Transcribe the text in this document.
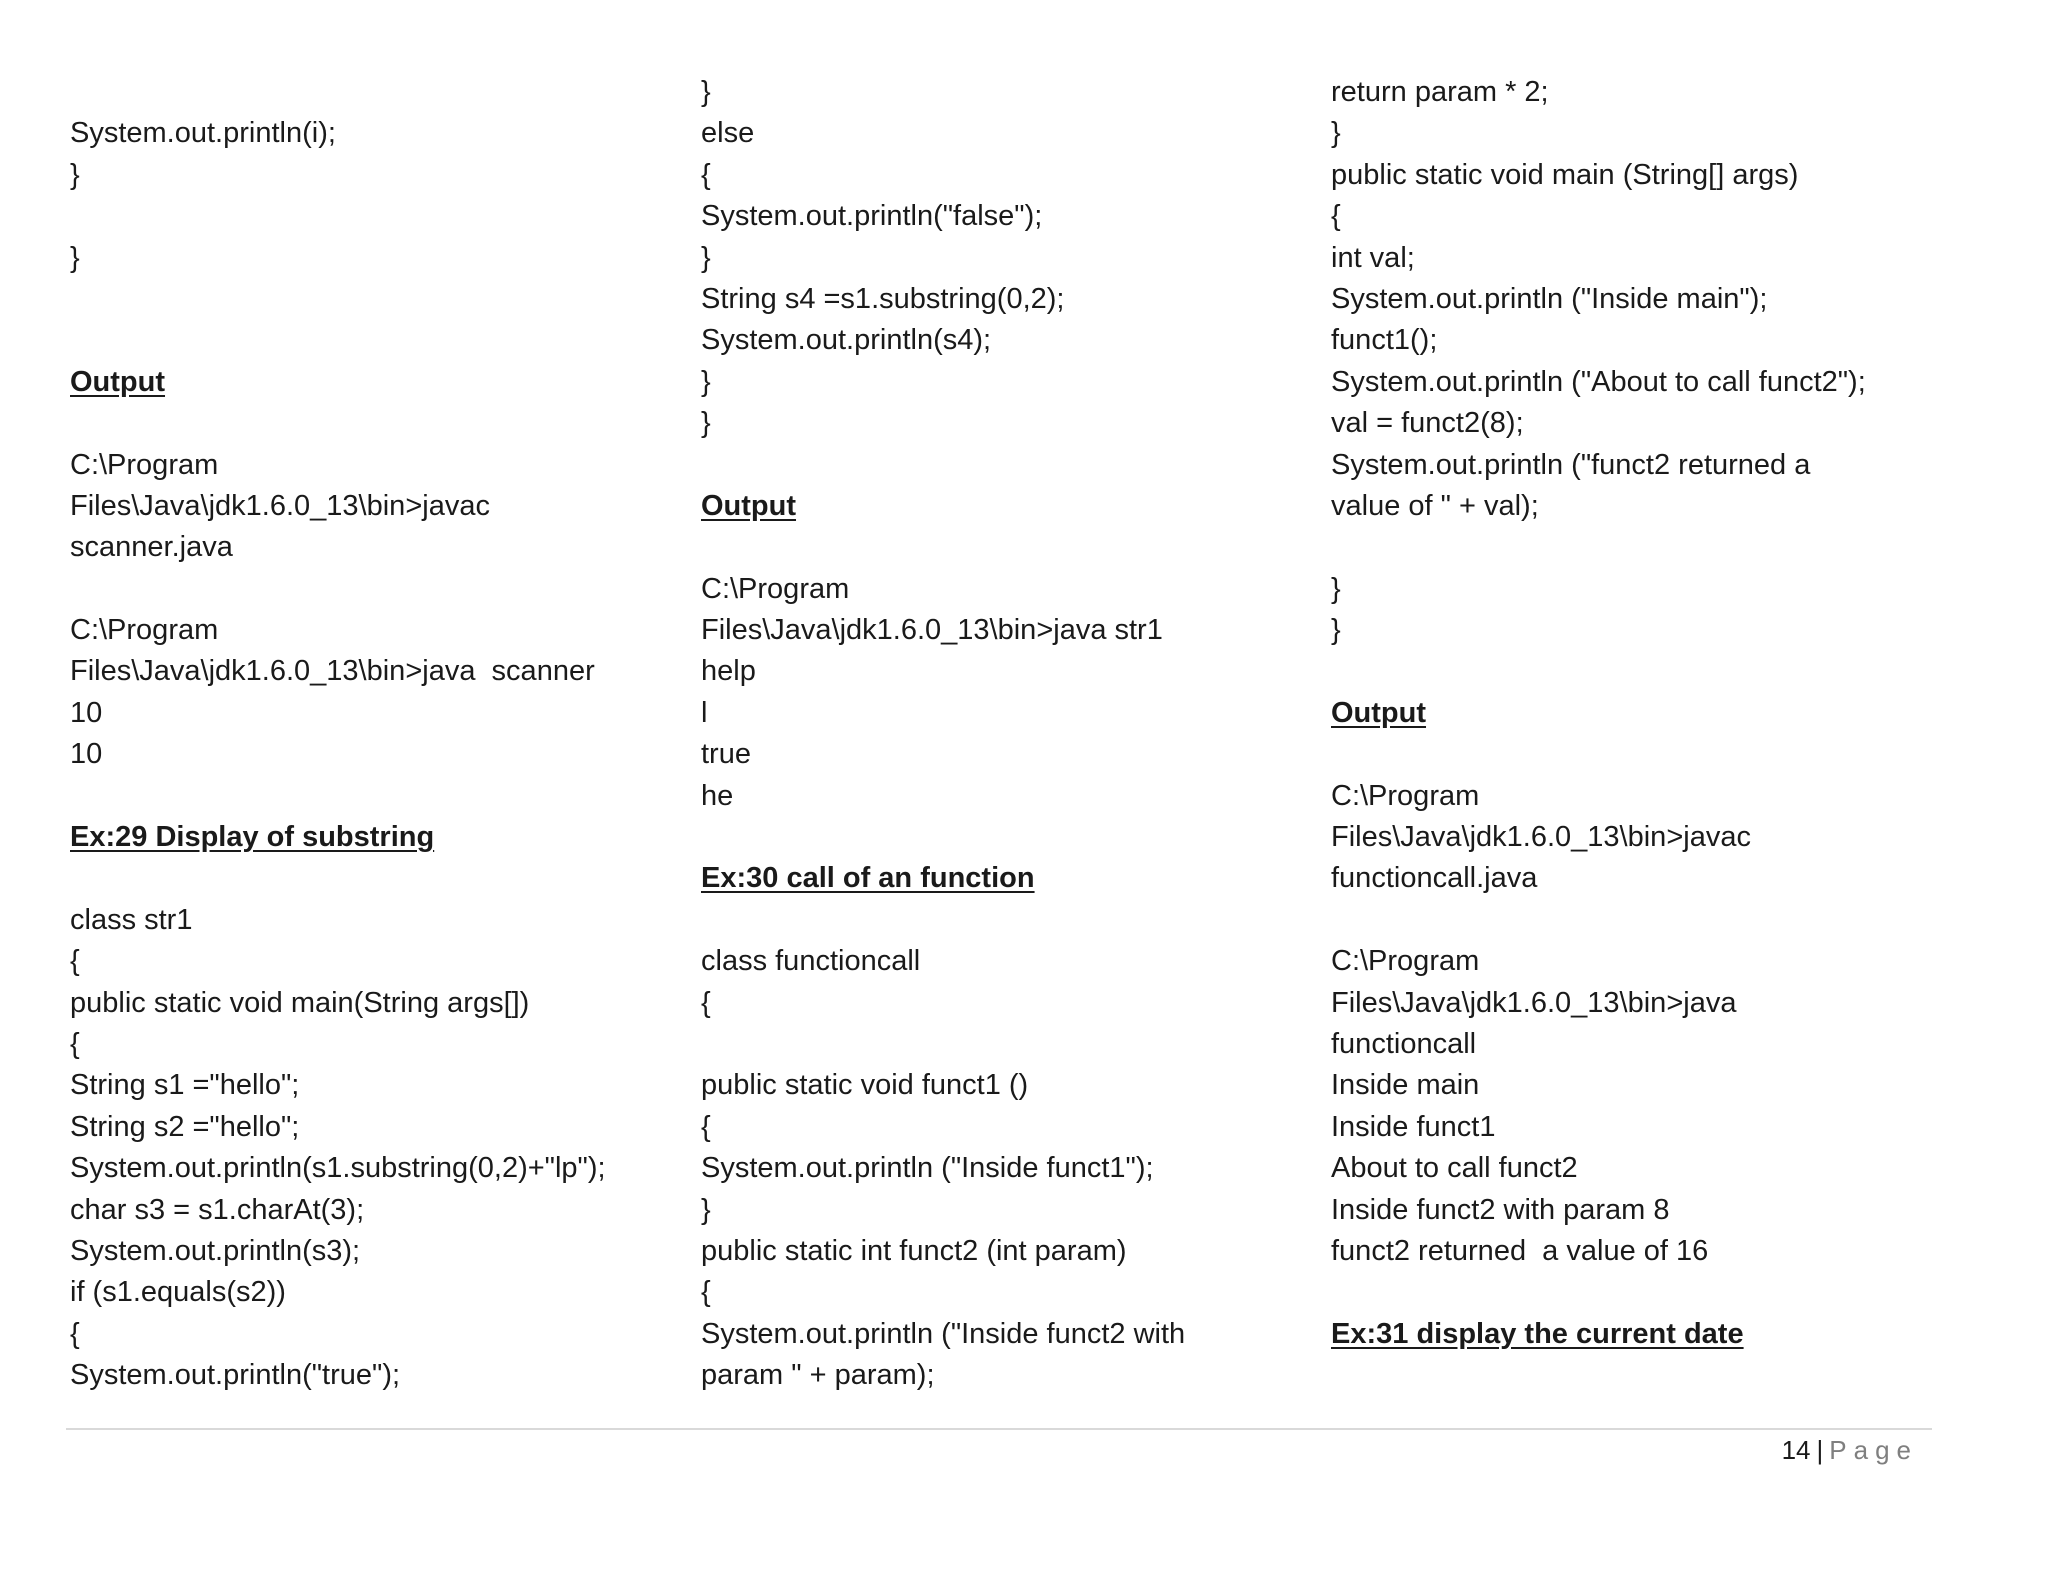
System.out.println(i);
}
}
Output
C:\Program
Files\Java\jdk1.6.0_13\bin>javac
scanner.java
C:\Program
Files\Java\jdk1.6.0_13\bin>java  scanner
10
10
Ex:29 Display of substring
class str1
{
public static void main(String args[])
{
String s1 ="hello";
String s2 ="hello";
System.out.println(s1.substring(0,2)+"lp");
char s3 = s1.charAt(3);
System.out.println(s3);
if (s1.equals(s2))
{
System.out.println("true");
}
else
{
System.out.println("false");
}
String s4 =s1.substring(0,2);
System.out.println(s4);
}
}
Output
C:\Program
Files\Java\jdk1.6.0_13\bin>java str1
help
l
true
he
Ex:30 call of an function
class functioncall
{
public static void funct1 ()
{
System.out.println ("Inside funct1");
}
public static int funct2 (int param)
{
System.out.println ("Inside funct2 with
param " + param);
return param * 2;
}
public static void main (String[] args)
{
int val;
System.out.println ("Inside main");
funct1();
System.out.println ("About to call funct2");
val = funct2(8);
System.out.println ("funct2 returned a
value of " + val);
}
}
Output
C:\Program
Files\Java\jdk1.6.0_13\bin>javac
functioncall.java
C:\Program
Files\Java\jdk1.6.0_13\bin>java
functioncall
Inside main
Inside funct1
About to call funct2
Inside funct2 with param 8
funct2 returned  a value of 16
Ex:31 display the current date
14 | Page
